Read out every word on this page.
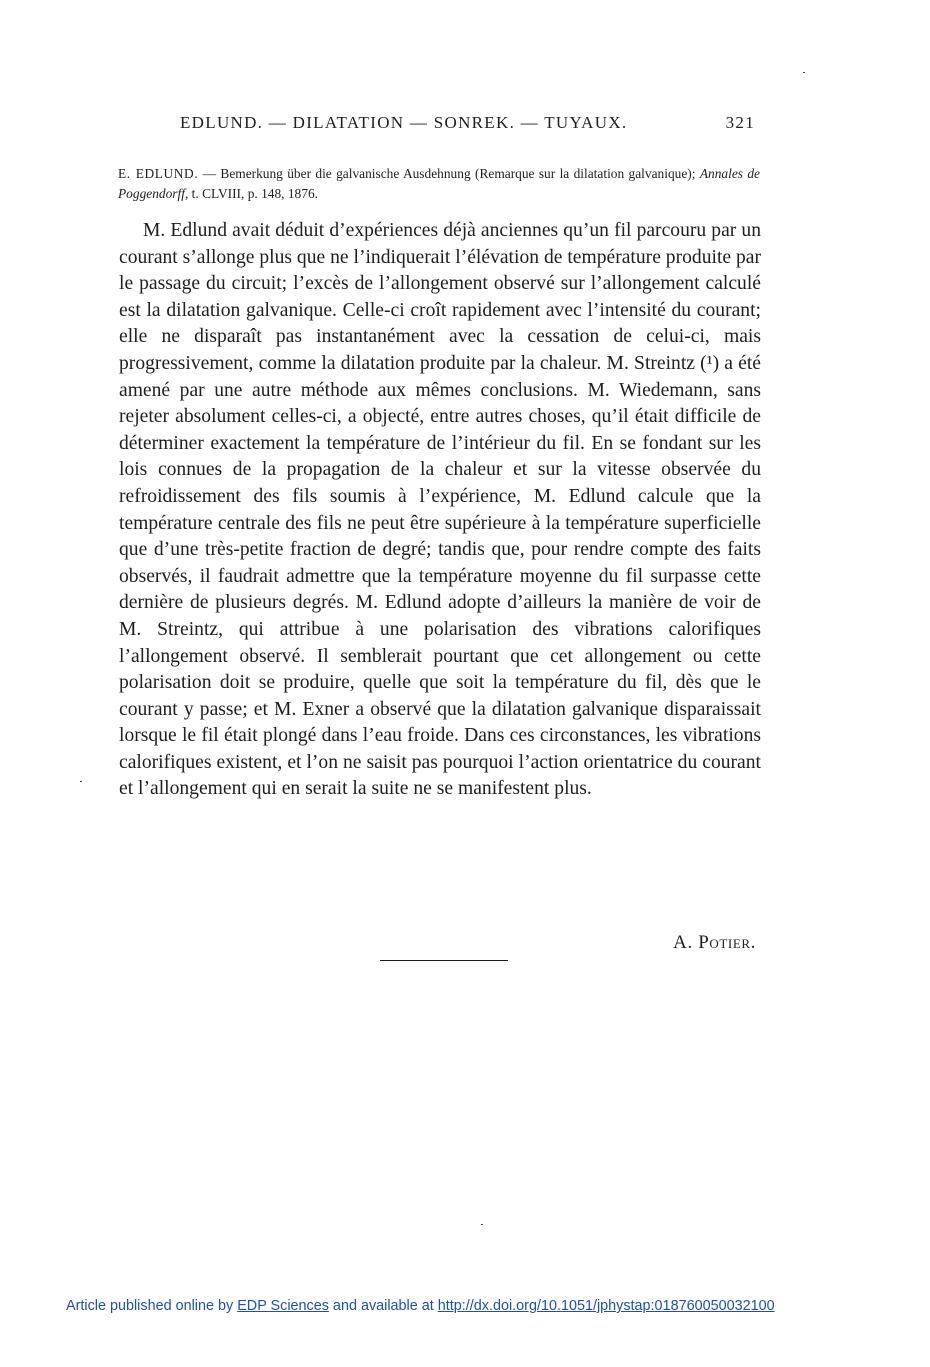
EDLUND. — DILATATION — SONREK. — TUYAUX.	321
E. EDLUND. — Bemerkung über die galvanische Ausdehnung (Remarque sur la dilatation galvanique); Annales de Poggendorff, t. CLVIII, p. 148, 1876.

M. Edlund avait déduit d’expériences déjà anciennes qu’un fil parcouru par un courant s’allonge plus que ne l’indiquerait l’élévation de température produite par le passage du circuit; l’excès de l’allongement observé sur l’allongement calculé est la dilatation galvanique. Celle-ci croît rapidement avec l’intensité du courant; elle ne disparaît pas instantanément avec la cessation de celui-ci, mais progressivement, comme la dilatation produite par la chaleur. M. Streintz (¹) a été amené par une autre méthode aux mêmes conclusions. M. Wiedemann, sans rejeter absolument celles-ci, a objecté, entre autres choses, qu’il était difficile de déterminer exactement la température de l’intérieur du fil. En se fondant sur les lois connues de la propagation de la chaleur et sur la vitesse observée du refroidissement des fils soumis à l’expérience, M. Edlund calcule que la température centrale des fils ne peut être supérieure à la température superficielle que d’une très-petite fraction de degré; tandis que, pour rendre compte des faits observés, il faudrait admettre que la température moyenne du fil surpasse cette dernière de plusieurs degrés. M. Edlund adopte d’ailleurs la manière de voir de M. Streintz, qui attribue à une polarisation des vibrations calorifiques l’allongement observé. Il semblerait pourtant que cet allongement ou cette polarisation doit se produire, quelle que soit la température du fil, dès que le courant y passe; et M. Exner a observé que la dilatation galvanique disparaissait lorsque le fil était plongé dans l’eau froide. Dans ces circonstances, les vibrations calorifiques existent, et l’on ne saisit pas pourquoi l’action orientatrice du courant et l’allongement qui en serait la suite ne se manifestent plus.

A. Potier.
Article published online by EDP Sciences and available at http://dx.doi.org/10.1051/jphystap:018760050032100
